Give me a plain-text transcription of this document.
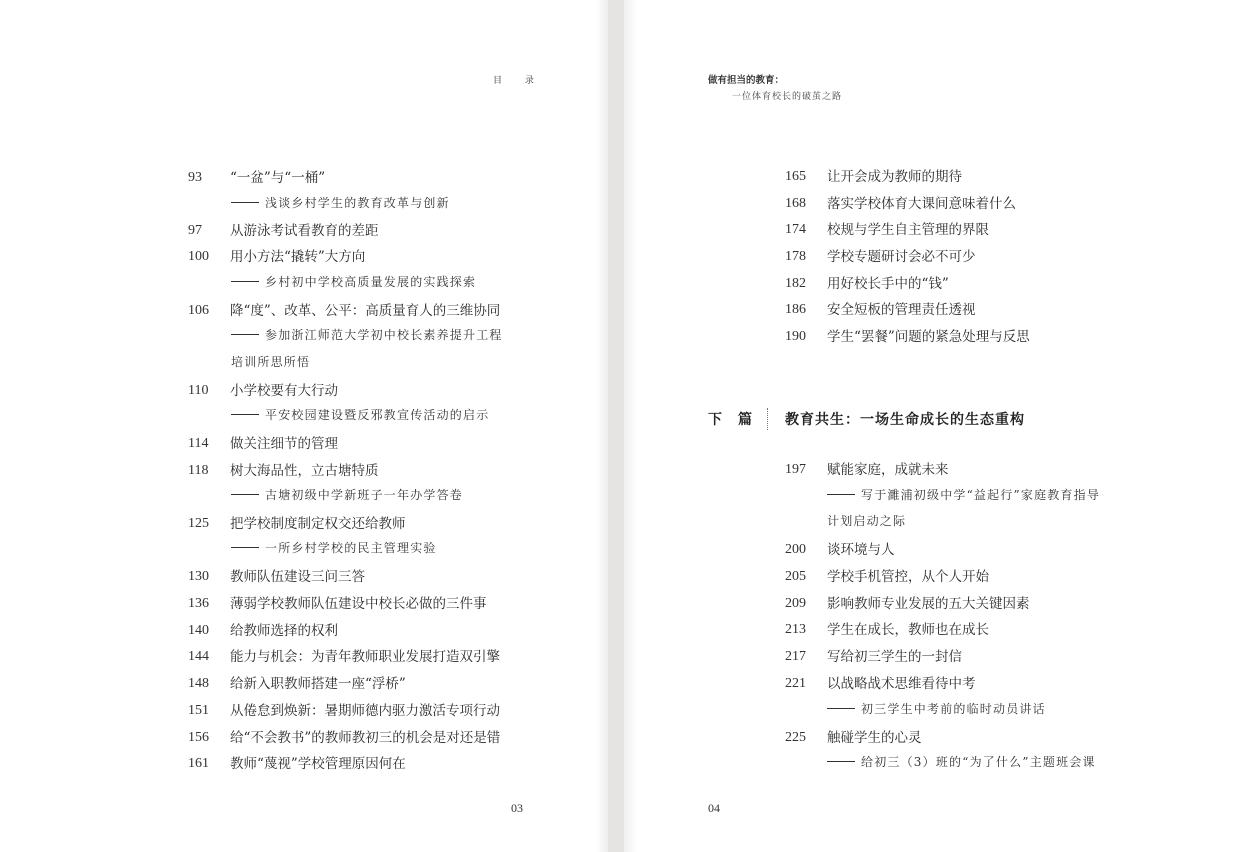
目 录
93 “一盆”与“一桶”
浅谈乡村学生的教育改革与创新
97 从游泳考试看教育的差距
100 用小方法“撬转”大方向
乡村初中学校高质量发展的实践探索
106 降“度”、改革、公平：高质量育人的三维协同
参加浙江师范大学初中校长素养提升工程
培训所思所悟
110 小学校要有大行动
平安校园建设暨反邪教宣传活动的启示
114 做关注细节的管理
118 树大海品性，立古塘特质
古塘初级中学新班子一年办学答卷
125 把学校制度制定权交还给教师
一所乡村学校的民主管理实验
130 教师队伍建设三问三答
136 薄弱学校教师队伍建设中校长必做的三件事
140 给教师选择的权利
144 能力与机会：为青年教师职业发展打造双引擎
148 给新入职教师搭建一座“浮桥”
151 从倦怠到焕新：暑期师德内驱力激活专项行动
156 给“不会教书”的教师教初三的机会是对还是错
161 教师“蔑视”学校管理原因何在
03
做有担当的教育：
一位体育校长的破茧之路
165 让开会成为教师的期待
168 落实学校体育大课间意味着什么
174 校规与学生自主管理的界限
178 学校专题研讨会必不可少
182 用好校长手中的“钱”
186 安全短板的管理责任透视
190 学生“罢餐”问题的紧急处理与反思
下篇 教育共生：一场生命成长的生态重构
197 赋能家庭，成就未来
写于濉浦初级中学“益起行”家庭教育指导
计划启动之际
200 谈环境与人
205 学校手机管控，从个人开始
209 影响教师专业发展的五大关键因素
213 学生在成长，教师也在成长
217 写给初三学生的一封信
221 以战略战术思维看待中考
初三学生中考前的临时动员讲话
225 触碰学生的心灵
给初三（3）班的“为了什么”主题班会课
04
